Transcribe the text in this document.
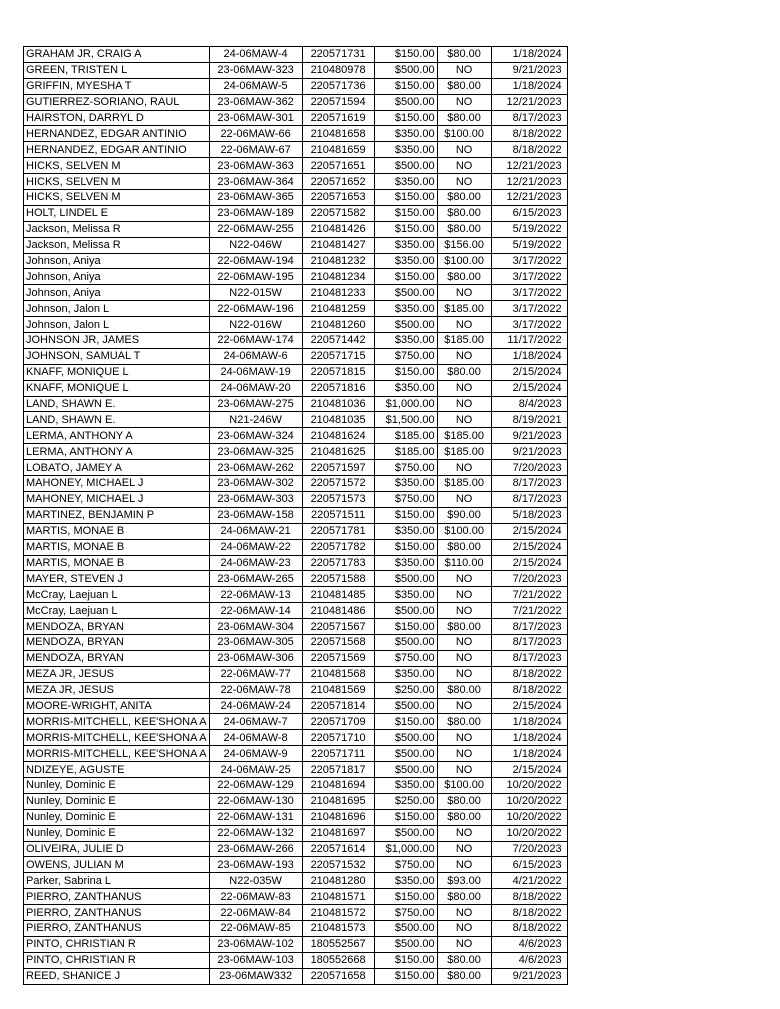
GRAHAM JR, CRAIG A	24-06MAW-4	220571731	$150.00	$80.00	1/18/2024
GREEN, TRISTEN L	23-06MAW-323	210480978	$500.00	NO	9/21/2023
GRIFFIN, MYESHA T	24-06MAW-5	220571736	$150.00	$80.00	1/18/2024
GUTIERREZ-SORIANO, RAUL	23-06MAW-362	220571594	$500.00	NO	12/21/2023
HAIRSTON, DARRYL D	23-06MAW-301	220571619	$150.00	$80.00	8/17/2023
HERNANDEZ, EDGAR ANTINIO	22-06MAW-66	210481658	$350.00	$100.00	8/18/2022
HERNANDEZ, EDGAR ANTINIO	22-06MAW-67	210481659	$350.00	NO	8/18/2022
HICKS, SELVEN M	23-06MAW-363	220571651	$500.00	NO	12/21/2023
HICKS, SELVEN M	23-06MAW-364	220571652	$350.00	NO	12/21/2023
HICKS, SELVEN M	23-06MAW-365	220571653	$150.00	$80.00	12/21/2023
HOLT, LINDEL E	23-06MAW-189	220571582	$150.00	$80.00	6/15/2023
Jackson, Melissa R	22-06MAW-255	210481426	$150.00	$80.00	5/19/2022
Jackson, Melissa R	N22-046W	210481427	$350.00	$156.00	5/19/2022
Johnson, Aniya	22-06MAW-194	210481232	$350.00	$100.00	3/17/2022
Johnson, Aniya	22-06MAW-195	210481234	$150.00	$80.00	3/17/2022
Johnson, Aniya	N22-015W	210481233	$500.00	NO	3/17/2022
Johnson, Jalon L	22-06MAW-196	210481259	$350.00	$185.00	3/17/2022
Johnson, Jalon L	N22-016W	210481260	$500.00	NO	3/17/2022
JOHNSON JR, JAMES	22-06MAW-174	220571442	$350.00	$185.00	11/17/2022
JOHNSON, SAMUAL T	24-06MAW-6	220571715	$750.00	NO	1/18/2024
KNAFF, MONIQUE L	24-06MAW-19	220571815	$150.00	$80.00	2/15/2024
KNAFF, MONIQUE L	24-06MAW-20	220571816	$350.00	NO	2/15/2024
LAND, SHAWN E.	23-06MAW-275	210481036	$1,000.00	NO	8/4/2023
LAND, SHAWN E.	N21-246W	210481035	$1,500.00	NO	8/19/2021
LERMA, ANTHONY A	23-06MAW-324	210481624	$185.00	$185.00	9/21/2023
LERMA, ANTHONY A	23-06MAW-325	210481625	$185.00	$185.00	9/21/2023
LOBATO, JAMEY A	23-06MAW-262	220571597	$750.00	NO	7/20/2023
MAHONEY, MICHAEL J	23-06MAW-302	220571572	$350.00	$185.00	8/17/2023
MAHONEY, MICHAEL J	23-06MAW-303	220571573	$750.00	NO	8/17/2023
MARTINEZ, BENJAMIN P	23-06MAW-158	220571511	$150.00	$90.00	5/18/2023
MARTIS, MONAE B	24-06MAW-21	220571781	$350.00	$100.00	2/15/2024
MARTIS, MONAE B	24-06MAW-22	220571782	$150.00	$80.00	2/15/2024
MARTIS, MONAE B	24-06MAW-23	220571783	$350.00	$110.00	2/15/2024
MAYER, STEVEN J	23-06MAW-265	220571588	$500.00	NO	7/20/2023
McCray, Laejuan L	22-06MAW-13	210481485	$350.00	NO	7/21/2022
McCray, Laejuan L	22-06MAW-14	210481486	$500.00	NO	7/21/2022
MENDOZA, BRYAN	23-06MAW-304	220571567	$150.00	$80.00	8/17/2023
MENDOZA, BRYAN	23-06MAW-305	220571568	$500.00	NO	8/17/2023
MENDOZA, BRYAN	23-06MAW-306	220571569	$750.00	NO	8/17/2023
MEZA JR, JESUS	22-06MAW-77	210481568	$350.00	NO	8/18/2022
MEZA JR, JESUS	22-06MAW-78	210481569	$250.00	$80.00	8/18/2022
MOORE-WRIGHT, ANITA	24-06MAW-24	220571814	$500.00	NO	2/15/2024
MORRIS-MITCHELL, KEE'SHONA A	24-06MAW-7	220571709	$150.00	$80.00	1/18/2024
MORRIS-MITCHELL, KEE'SHONA A	24-06MAW-8	220571710	$500.00	NO	1/18/2024
MORRIS-MITCHELL, KEE'SHONA A	24-06MAW-9	220571711	$500.00	NO	1/18/2024
NDIZEYE, AGUSTE	24-06MAW-25	220571817	$500.00	NO	2/15/2024
Nunley, Dominic E	22-06MAW-129	210481694	$350.00	$100.00	10/20/2022
Nunley, Dominic E	22-06MAW-130	210481695	$250.00	$80.00	10/20/2022
Nunley, Dominic E	22-06MAW-131	210481696	$150.00	$80.00	10/20/2022
Nunley, Dominic E	22-06MAW-132	210481697	$500.00	NO	10/20/2022
OLIVEIRA, JULIE D	23-06MAW-266	220571614	$1,000.00	NO	7/20/2023
OWENS, JULIAN M	23-06MAW-193	220571532	$750.00	NO	6/15/2023
Parker, Sabrina L	N22-035W	210481280	$350.00	$93.00	4/21/2022
PIERRO, ZANTHANUS	22-06MAW-83	210481571	$150.00	$80.00	8/18/2022
PIERRO, ZANTHANUS	22-06MAW-84	210481572	$750.00	NO	8/18/2022
PIERRO, ZANTHANUS	22-06MAW-85	210481573	$500.00	NO	8/18/2022
PINTO, CHRISTIAN R	23-06MAW-102	180552567	$500.00	NO	4/6/2023
PINTO, CHRISTIAN R	23-06MAW-103	180552668	$150.00	$80.00	4/6/2023
REED, SHANICE J	23-06MAW332	220571658	$150.00	$80.00	9/21/2023
